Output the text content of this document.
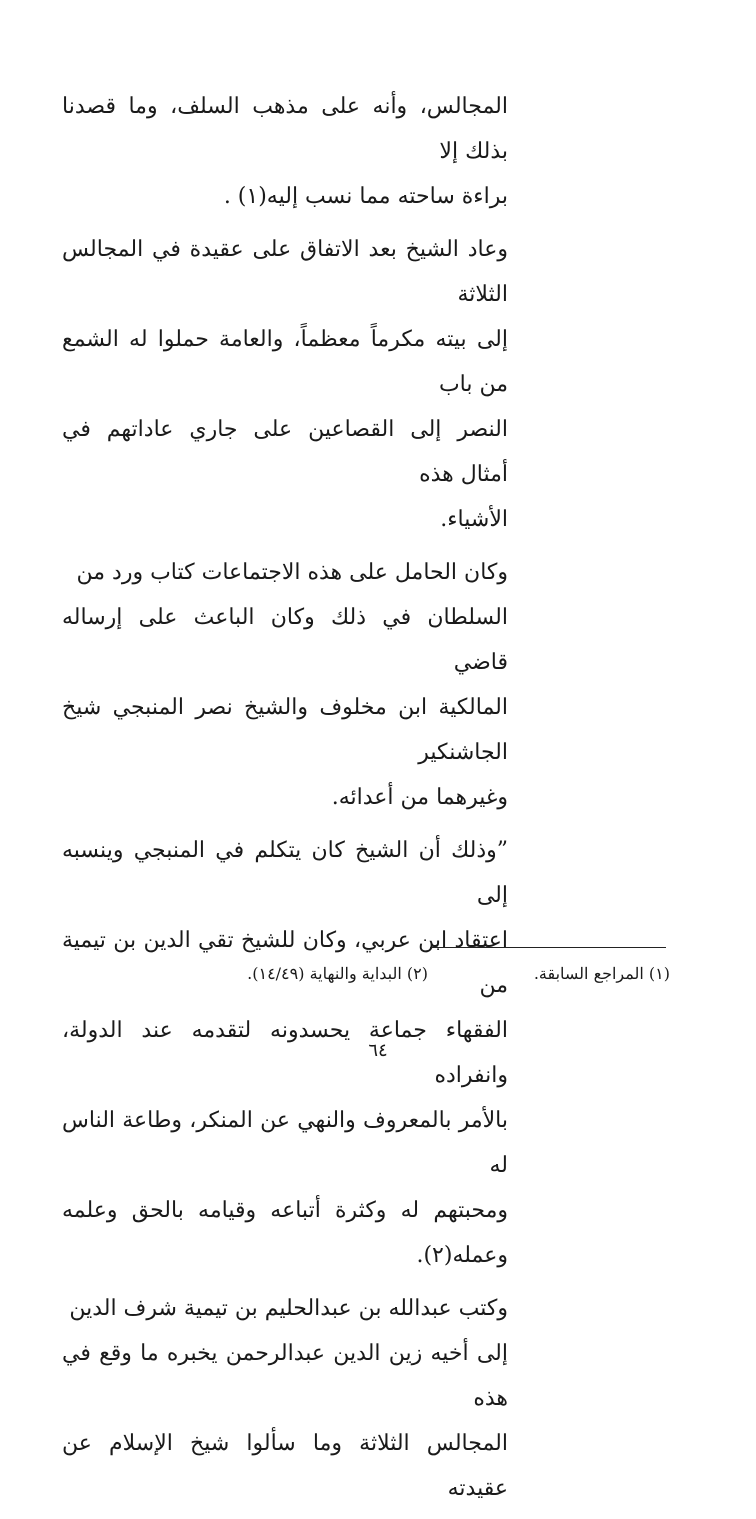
المجالس، وأنه على مذهب السلف، وما قصدنا بذلك إلا

براءة ساحته مما نسب إليه(١) .

وعاد الشيخ بعد الاتفاق على عقيدة في المجالس الثلاثة

إلى بيته مكرماً معظماً، والعامة حملوا له الشمع من باب

النصر إلى القصاعين على جاري عاداتهم في أمثال هذه

الأشياء.

وكان الحامل على هذه الاجتماعات كتاب ورد من

السلطان في ذلك وكان الباعث على إرساله قاضي

المالكية ابن مخلوف والشيخ نصر المنبجي شيخ الجاشنكير

وغيرهما من أعدائه.

”وذلك أن الشيخ كان يتكلم في المنبجي وينسبه إلى

اعتقاد ابن عربي، وكان للشيخ تقي الدين بن تيمية من

الفقهاء جماعة يحسدونه لتقدمه عند الدولة، وانفراده

بالأمر بالمعروف والنهي عن المنكر، وطاعة الناس له

ومحبتهم له وكثرة أتباعه وقيامه بالحق وعلمه وعمله(٢).

وكتب عبدالله بن عبدالحليم بن تيمية شرف الدين

إلى أخيه زين الدين عبدالرحمن يخبره ما وقع في هذه

المجالس الثلاثة وما سألوا شيخ الإسلام عن عقيدته

(١) المراجع السابقة.
(٢) البداية والنهاية (١٤/٤٩).
٦٤
